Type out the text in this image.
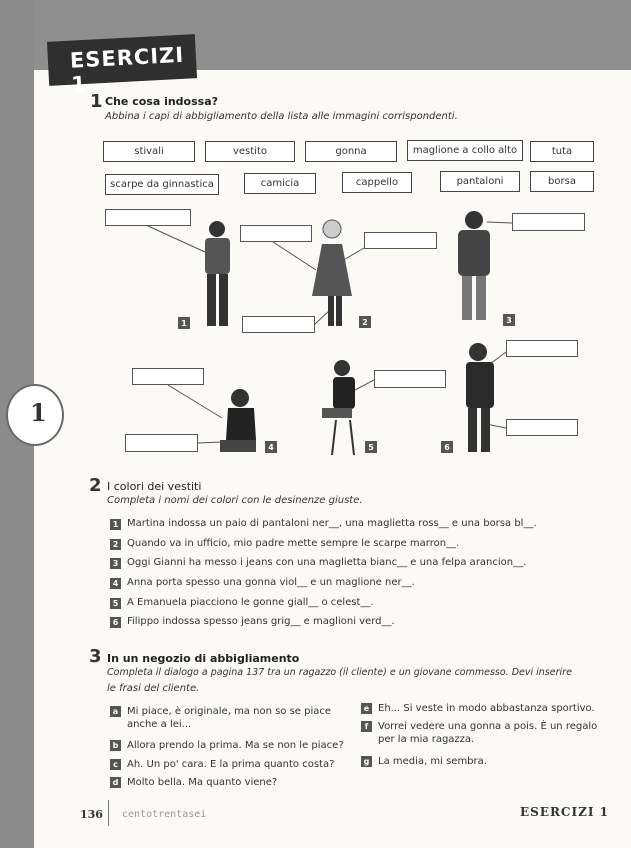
1
ESERCIZI 1
1 Che cosa indossa?
Abbina i capi di abbigliamento della lista alle immagini corrispondenti.
stivali	vestito	gonna	maglione a collo alto	tuta
scarpe da ginnastica	camicia	cappello	pantaloni	borsa
1	2	3
4	5	6
2 I colori dei vestiti
Completa i nomi dei colori con le desinenze giuste.
1 Martina indossa un paio di pantaloni ner__, una maglietta ross__ e una borsa bl__.
2 Quando va in ufficio, mio padre mette sempre le scarpe marron__.
3 Oggi Gianni ha messo i jeans con una maglietta bianc__ e una felpa arancion__.
4 Anna porta spesso una gonna viol__ e un maglione ner__.
5 A Emanuela piacciono le gonne giall__ o celest__.
6 Filippo indossa spesso jeans grig__ e maglioni verd__.
3 In un negozio di abbigliamento
Completa il dialogo a pagina 137 tra un ragazzo (il cliente) e un giovane commesso. Devi inserire
le frasi del cliente.
a Mi piace, è originale, ma non so se piace
anche a lei...
b Allora prendo la prima. Ma se non le piace?
c Ah. Un po' cara. E la prima quanto costa?
d Molto bella. Ma quanto viene?
e Eh... Si veste in modo abbastanza sportivo.
f Vorrei vedere una gonna a pois. È un regalo
per la mia ragazza.
g La media, mi sembra.
136 centotrentasei	ESERCIZI 1
